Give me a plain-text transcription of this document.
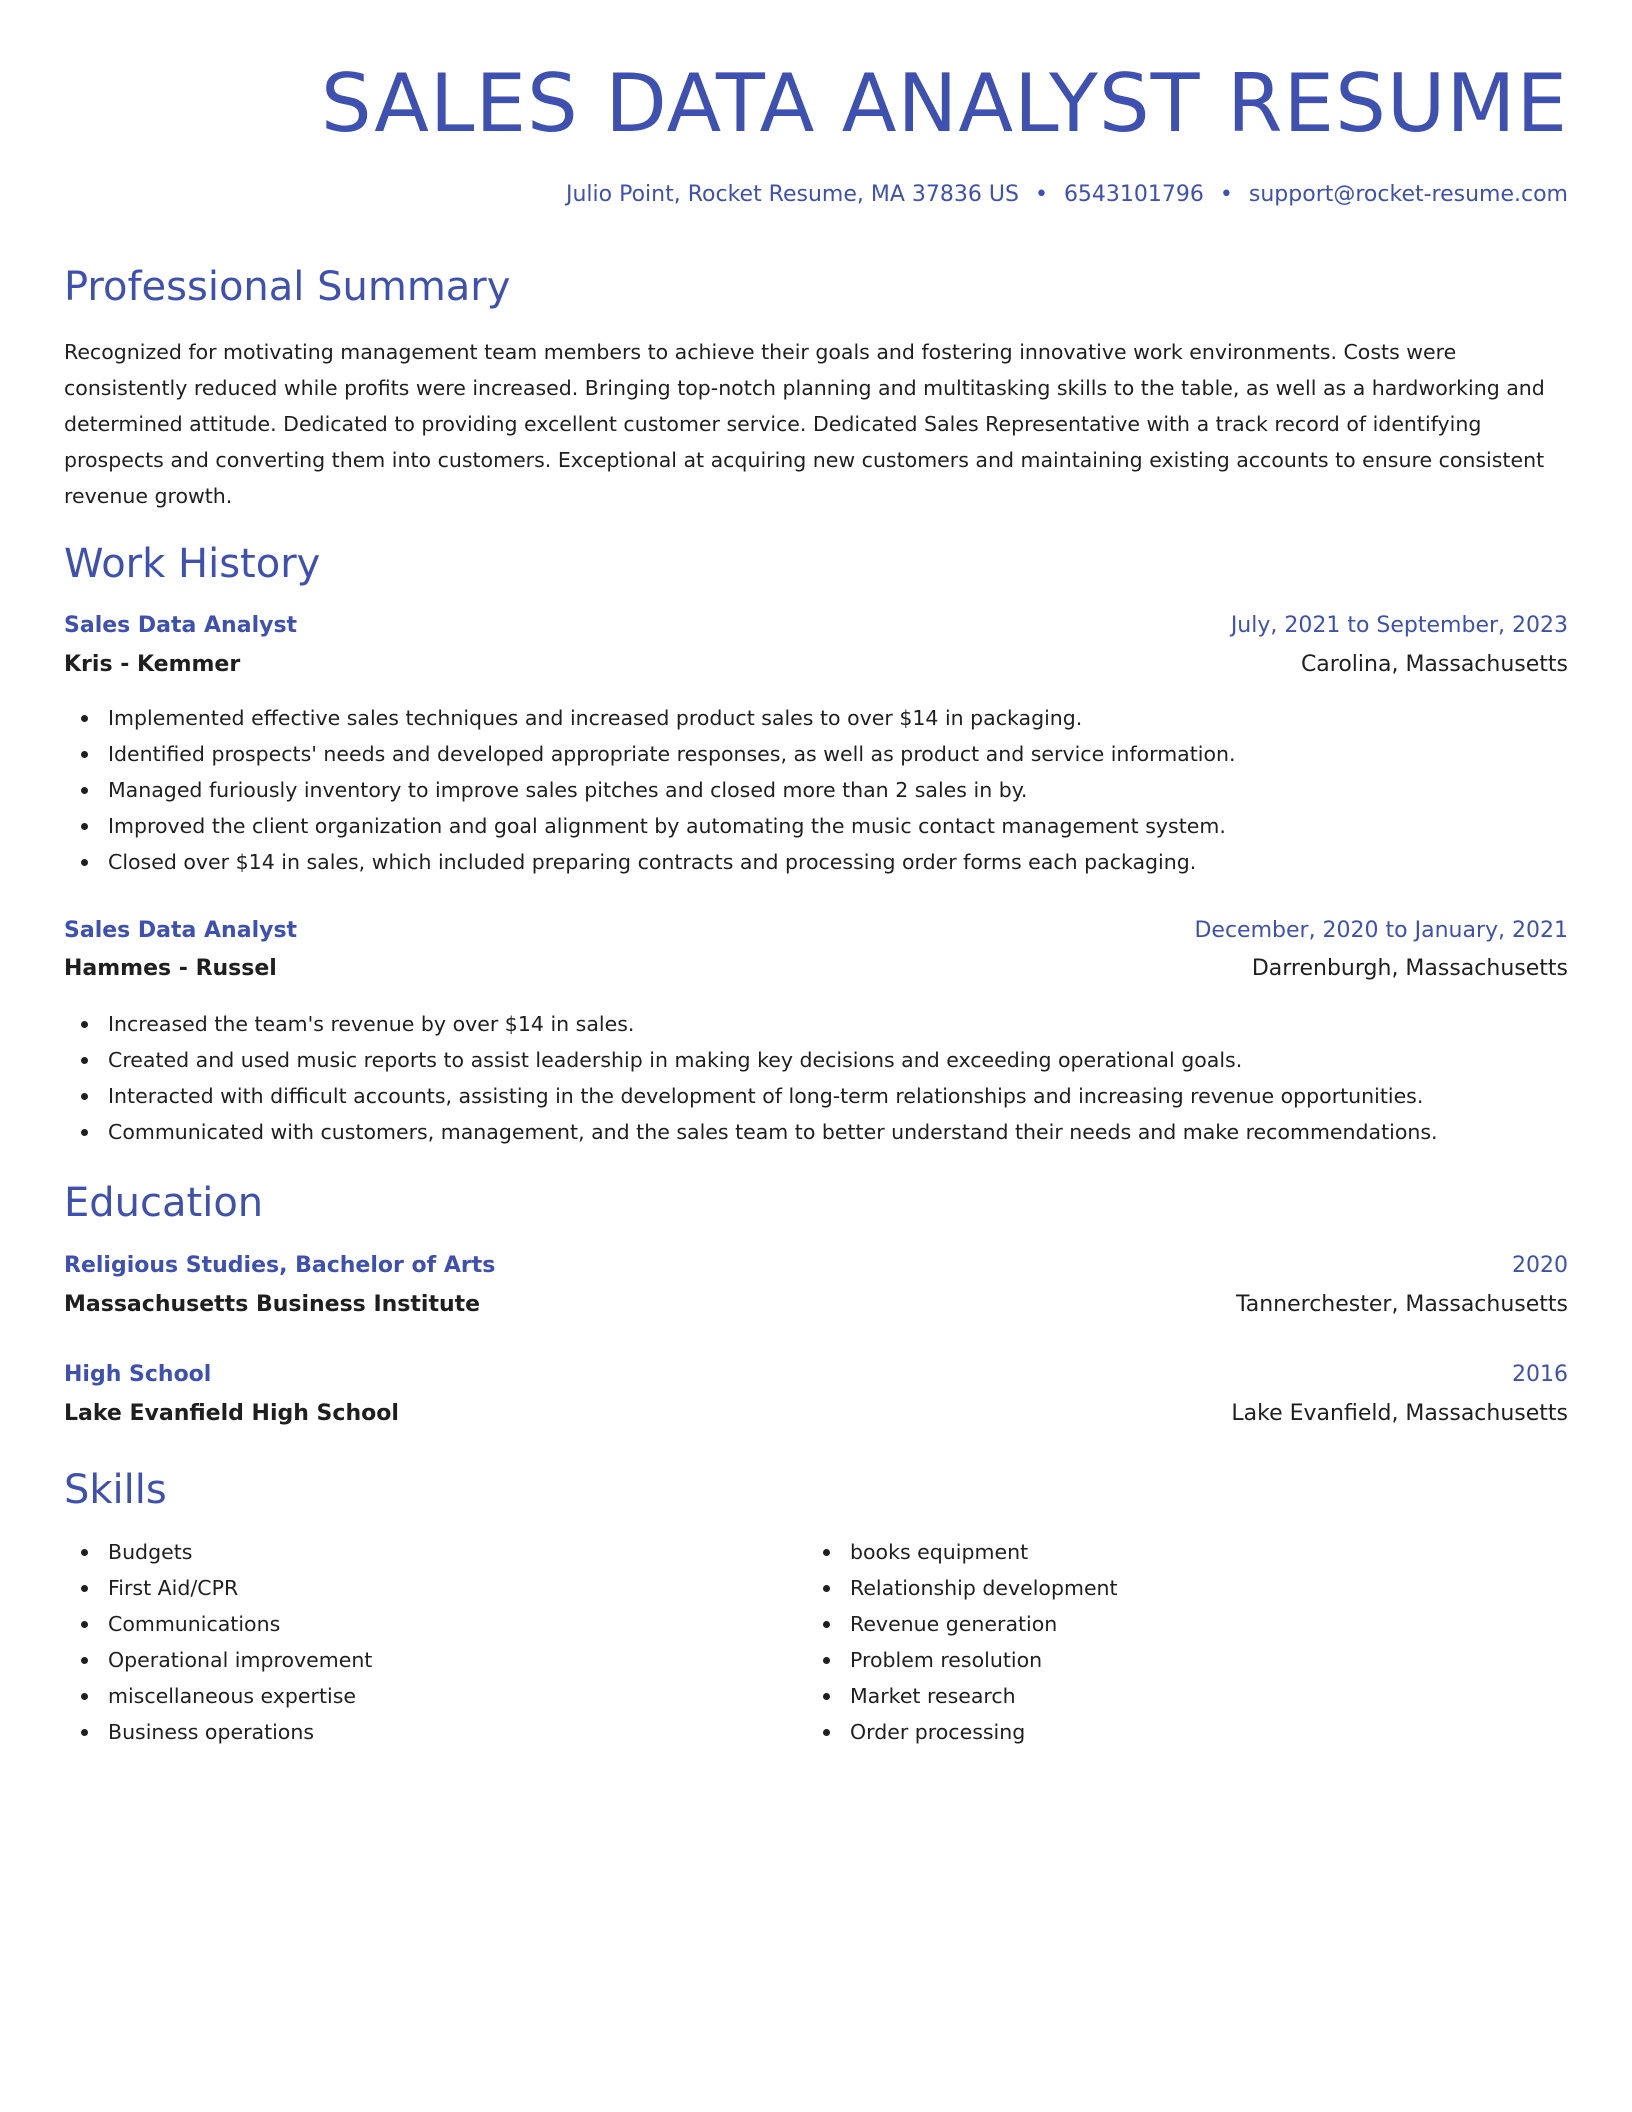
SALES DATA ANALYST RESUME
Julio Point, Rocket Resume, MA 37836 US • 6543101796 • support@rocket-resume.com
Professional Summary
Recognized for motivating management team members to achieve their goals and fostering innovative work environments. Costs were consistently reduced while profits were increased. Bringing top-notch planning and multitasking skills to the table, as well as a hardworking and determined attitude. Dedicated to providing excellent customer service. Dedicated Sales Representative with a track record of identifying prospects and converting them into customers. Exceptional at acquiring new customers and maintaining existing accounts to ensure consistent revenue growth.
Work History
Sales Data Analyst	July, 2021 to September, 2023
Kris - Kemmer	Carolina, Massachusetts
Implemented effective sales techniques and increased product sales to over $14 in packaging.
Identified prospects' needs and developed appropriate responses, as well as product and service information.
Managed furiously inventory to improve sales pitches and closed more than 2 sales in by.
Improved the client organization and goal alignment by automating the music contact management system.
Closed over $14 in sales, which included preparing contracts and processing order forms each packaging.
Sales Data Analyst	December, 2020 to January, 2021
Hammes - Russel	Darrenburgh, Massachusetts
Increased the team's revenue by over $14 in sales.
Created and used music reports to assist leadership in making key decisions and exceeding operational goals.
Interacted with difficult accounts, assisting in the development of long-term relationships and increasing revenue opportunities.
Communicated with customers, management, and the sales team to better understand their needs and make recommendations.
Education
Religious Studies, Bachelor of Arts	2020
Massachusetts Business Institute	Tannerchester, Massachusetts
High School	2016
Lake Evanfield High School	Lake Evanfield, Massachusetts
Skills
Budgets
First Aid/CPR
Communications
Operational improvement
miscellaneous expertise
Business operations
books equipment
Relationship development
Revenue generation
Problem resolution
Market research
Order processing
